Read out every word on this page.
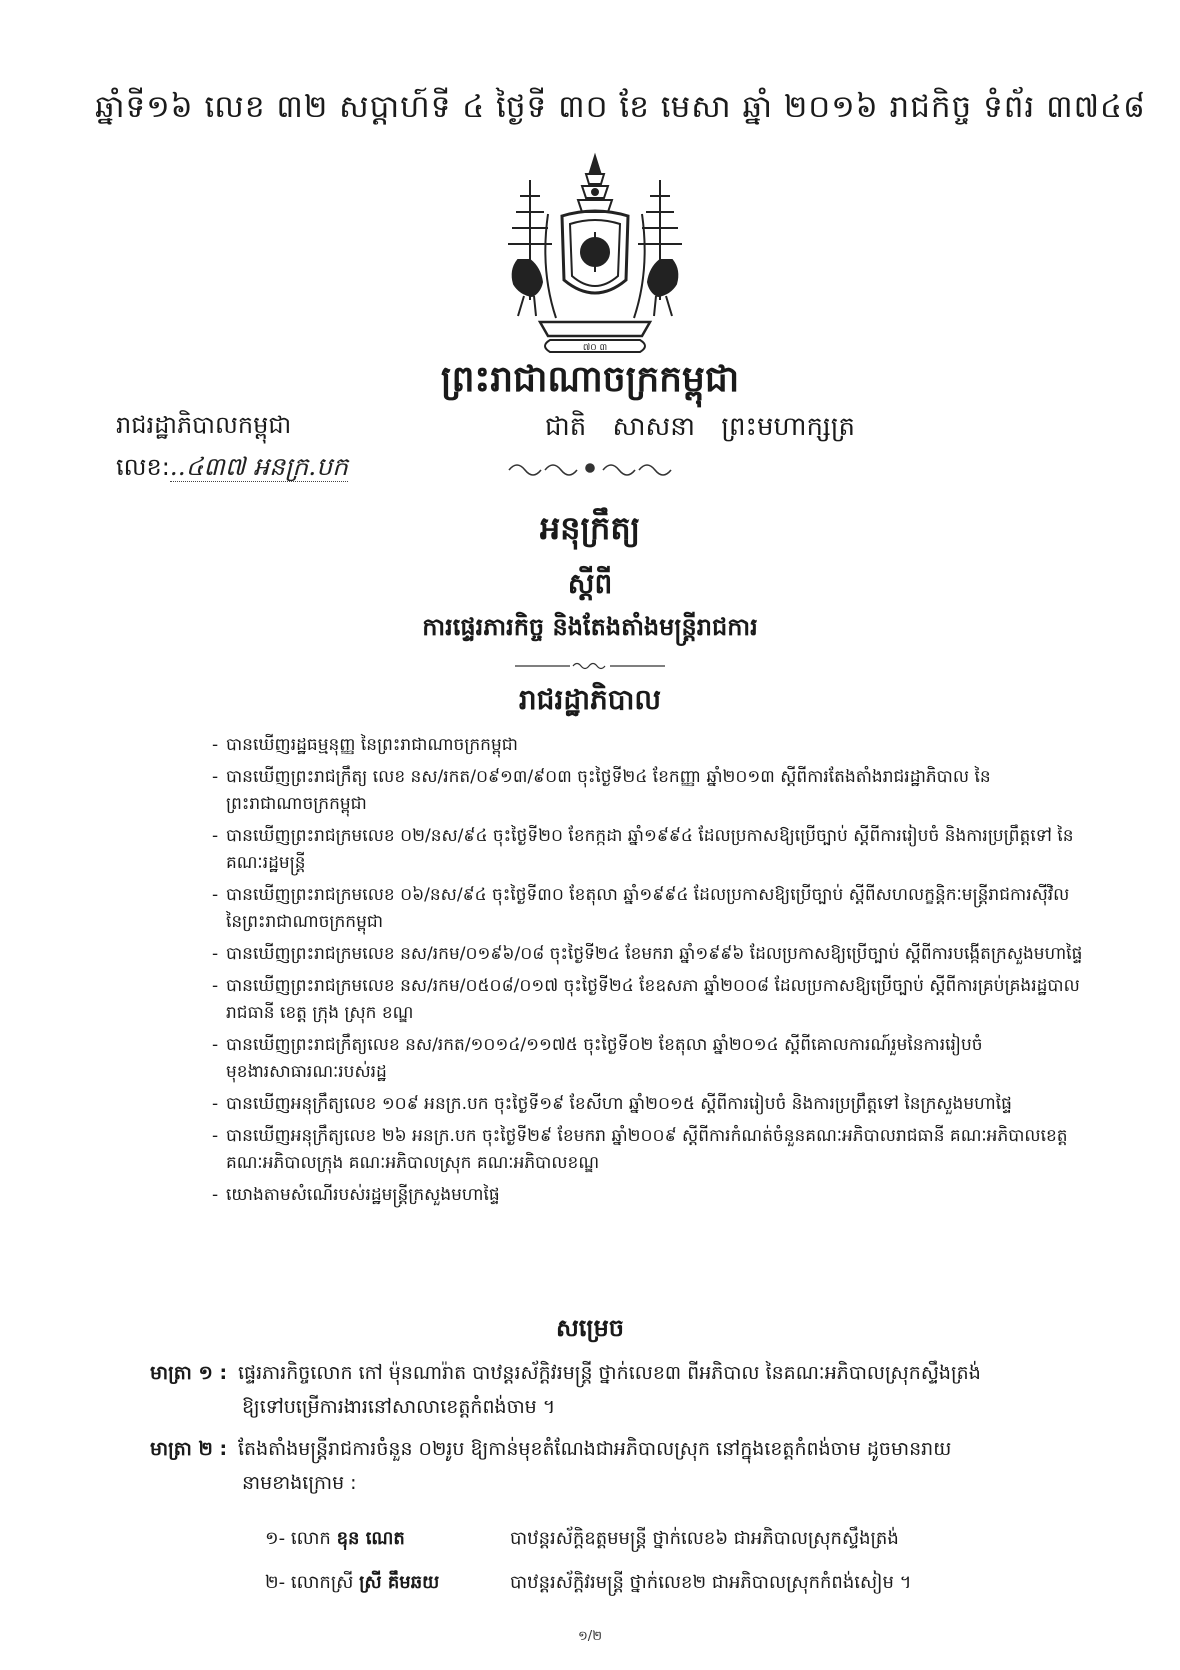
ឆ្នាំទី១៦ លេខ ៣២ សប្តាហ៍ទី ៤ ថ្ងៃទី ៣០ ខែ មេសា ឆ្នាំ ២០១៦ រាជកិច្ច ទំព័រ ៣៧៤៨
៧០ ៣
ព្រះរាជាណាចក្រកម្ពុជា
រាជរដ្ឋាភិបាលកម្ពុជា	ជាតិ សាសនា ព្រះមហាក្សត្រ
លេខ:..៤៣៧ អនក្រ.បក
អនុក្រឹត្យ
ស្តីពី
ការផ្ទេរភារកិច្ច និងតែងតាំងមន្ត្រីរាជការ
រាជរដ្ឋាភិបាល
- បានឃើញរដ្ឋធម្មនុញ្ញ នៃព្រះរាជាណាចក្រកម្ពុជា
- បានឃើញព្រះរាជក្រឹត្យ លេខ នស/រកត/០៩១៣/៩០៣ ចុះថ្ងៃទី២៤ ខែកញ្ញា ឆ្នាំ២០១៣ ស្តីពីការតែងតាំងរាជរដ្ឋាភិបាល នៃព្រះរាជាណាចក្រកម្ពុជា
- បានឃើញព្រះរាជក្រមលេខ ០២/នស/៩៤ ចុះថ្ងៃទី២០ ខែកក្កដា ឆ្នាំ១៩៩៤ ដែលប្រកាសឱ្យប្រើច្បាប់ ស្តីពីការរៀបចំ និងការប្រព្រឹត្តទៅ នៃគណៈរដ្ឋមន្ត្រី
- បានឃើញព្រះរាជក្រមលេខ ០៦/នស/៩៤ ចុះថ្ងៃទី៣០ ខែតុលា ឆ្នាំ១៩៩៤ ដែលប្រកាសឱ្យប្រើច្បាប់ ស្តីពីសហលក្ខន្តិកៈមន្ត្រីរាជការស៊ីវិល នៃព្រះរាជាណាចក្រកម្ពុជា
- បានឃើញព្រះរាជក្រមលេខ នស/រកម/០១៩៦/០៨ ចុះថ្ងៃទី២៤ ខែមករា ឆ្នាំ១៩៩៦ ដែលប្រកាសឱ្យប្រើច្បាប់ ស្តីពីការបង្កើតក្រសួងមហាផ្ទៃ
- បានឃើញព្រះរាជក្រមលេខ នស/រកម/០៥០៨/០១៧ ចុះថ្ងៃទី២៤ ខែឧសភា ឆ្នាំ២០០៨ ដែលប្រកាសឱ្យប្រើច្បាប់ ស្តីពីការគ្រប់គ្រងរដ្ឋបាលរាជធានី ខេត្ត ក្រុង ស្រុក ខណ្ឌ
- បានឃើញព្រះរាជក្រឹត្យលេខ នស/រកត/១០១៤/១១៧៥ ចុះថ្ងៃទី០២ ខែតុលា ឆ្នាំ២០១៤ ស្តីពីគោលការណ៍រួមនៃការរៀបចំមុខងារសាធារណៈរបស់រដ្ឋ
- បានឃើញអនុក្រឹត្យលេខ ១០៩ អនក្រ.បក ចុះថ្ងៃទី១៩ ខែសីហា ឆ្នាំ២០១៥ ស្តីពីការរៀបចំ និងការប្រព្រឹត្តទៅ នៃក្រសួងមហាផ្ទៃ
- បានឃើញអនុក្រឹត្យលេខ ២៦ អនក្រ.បក ចុះថ្ងៃទី២៩ ខែមករា ឆ្នាំ២០០៩ ស្តីពីការកំណត់ចំនួនគណៈអភិបាលរាជធានី គណៈអភិបាលខេត្ត គណៈអភិបាលក្រុង គណៈអភិបាលស្រុក គណៈអភិបាលខណ្ឌ
- យោងតាមសំណើរបស់រដ្ឋមន្ត្រីក្រសួងមហាផ្ទៃ
សម្រេច
មាត្រា ១ : ផ្ទេរភារកិច្ចលោក កៅ ម៉ុនណារ៉ាត បាឋន្តរស័ក្តិវរមន្ត្រី ថ្នាក់លេខ៣ ពីអភិបាល នៃគណៈអភិបាលស្រុកស្ទឹងត្រង់
ឱ្យទៅបម្រើការងារនៅសាលាខេត្តកំពង់ចាម ។
មាត្រា ២ : តែងតាំងមន្ត្រីរាជការចំនួន ០២រូប ឱ្យកាន់មុខតំណែងជាអភិបាលស្រុក នៅក្នុងខេត្តកំពង់ចាម ដូចមានរាយ
នាមខាងក្រោម :
១- លោក ឧុន ណេត	បាឋន្តរស័ក្តិឧត្តមមន្ត្រី ថ្នាក់លេខ៦ ជាអភិបាលស្រុកស្ទឹងត្រង់
២- លោកស្រី ស្រី គឹមឆយ	បាឋន្តរស័ក្តិវរមន្ត្រី ថ្នាក់លេខ២ ជាអភិបាលស្រុកកំពង់សៀម ។
១/២
